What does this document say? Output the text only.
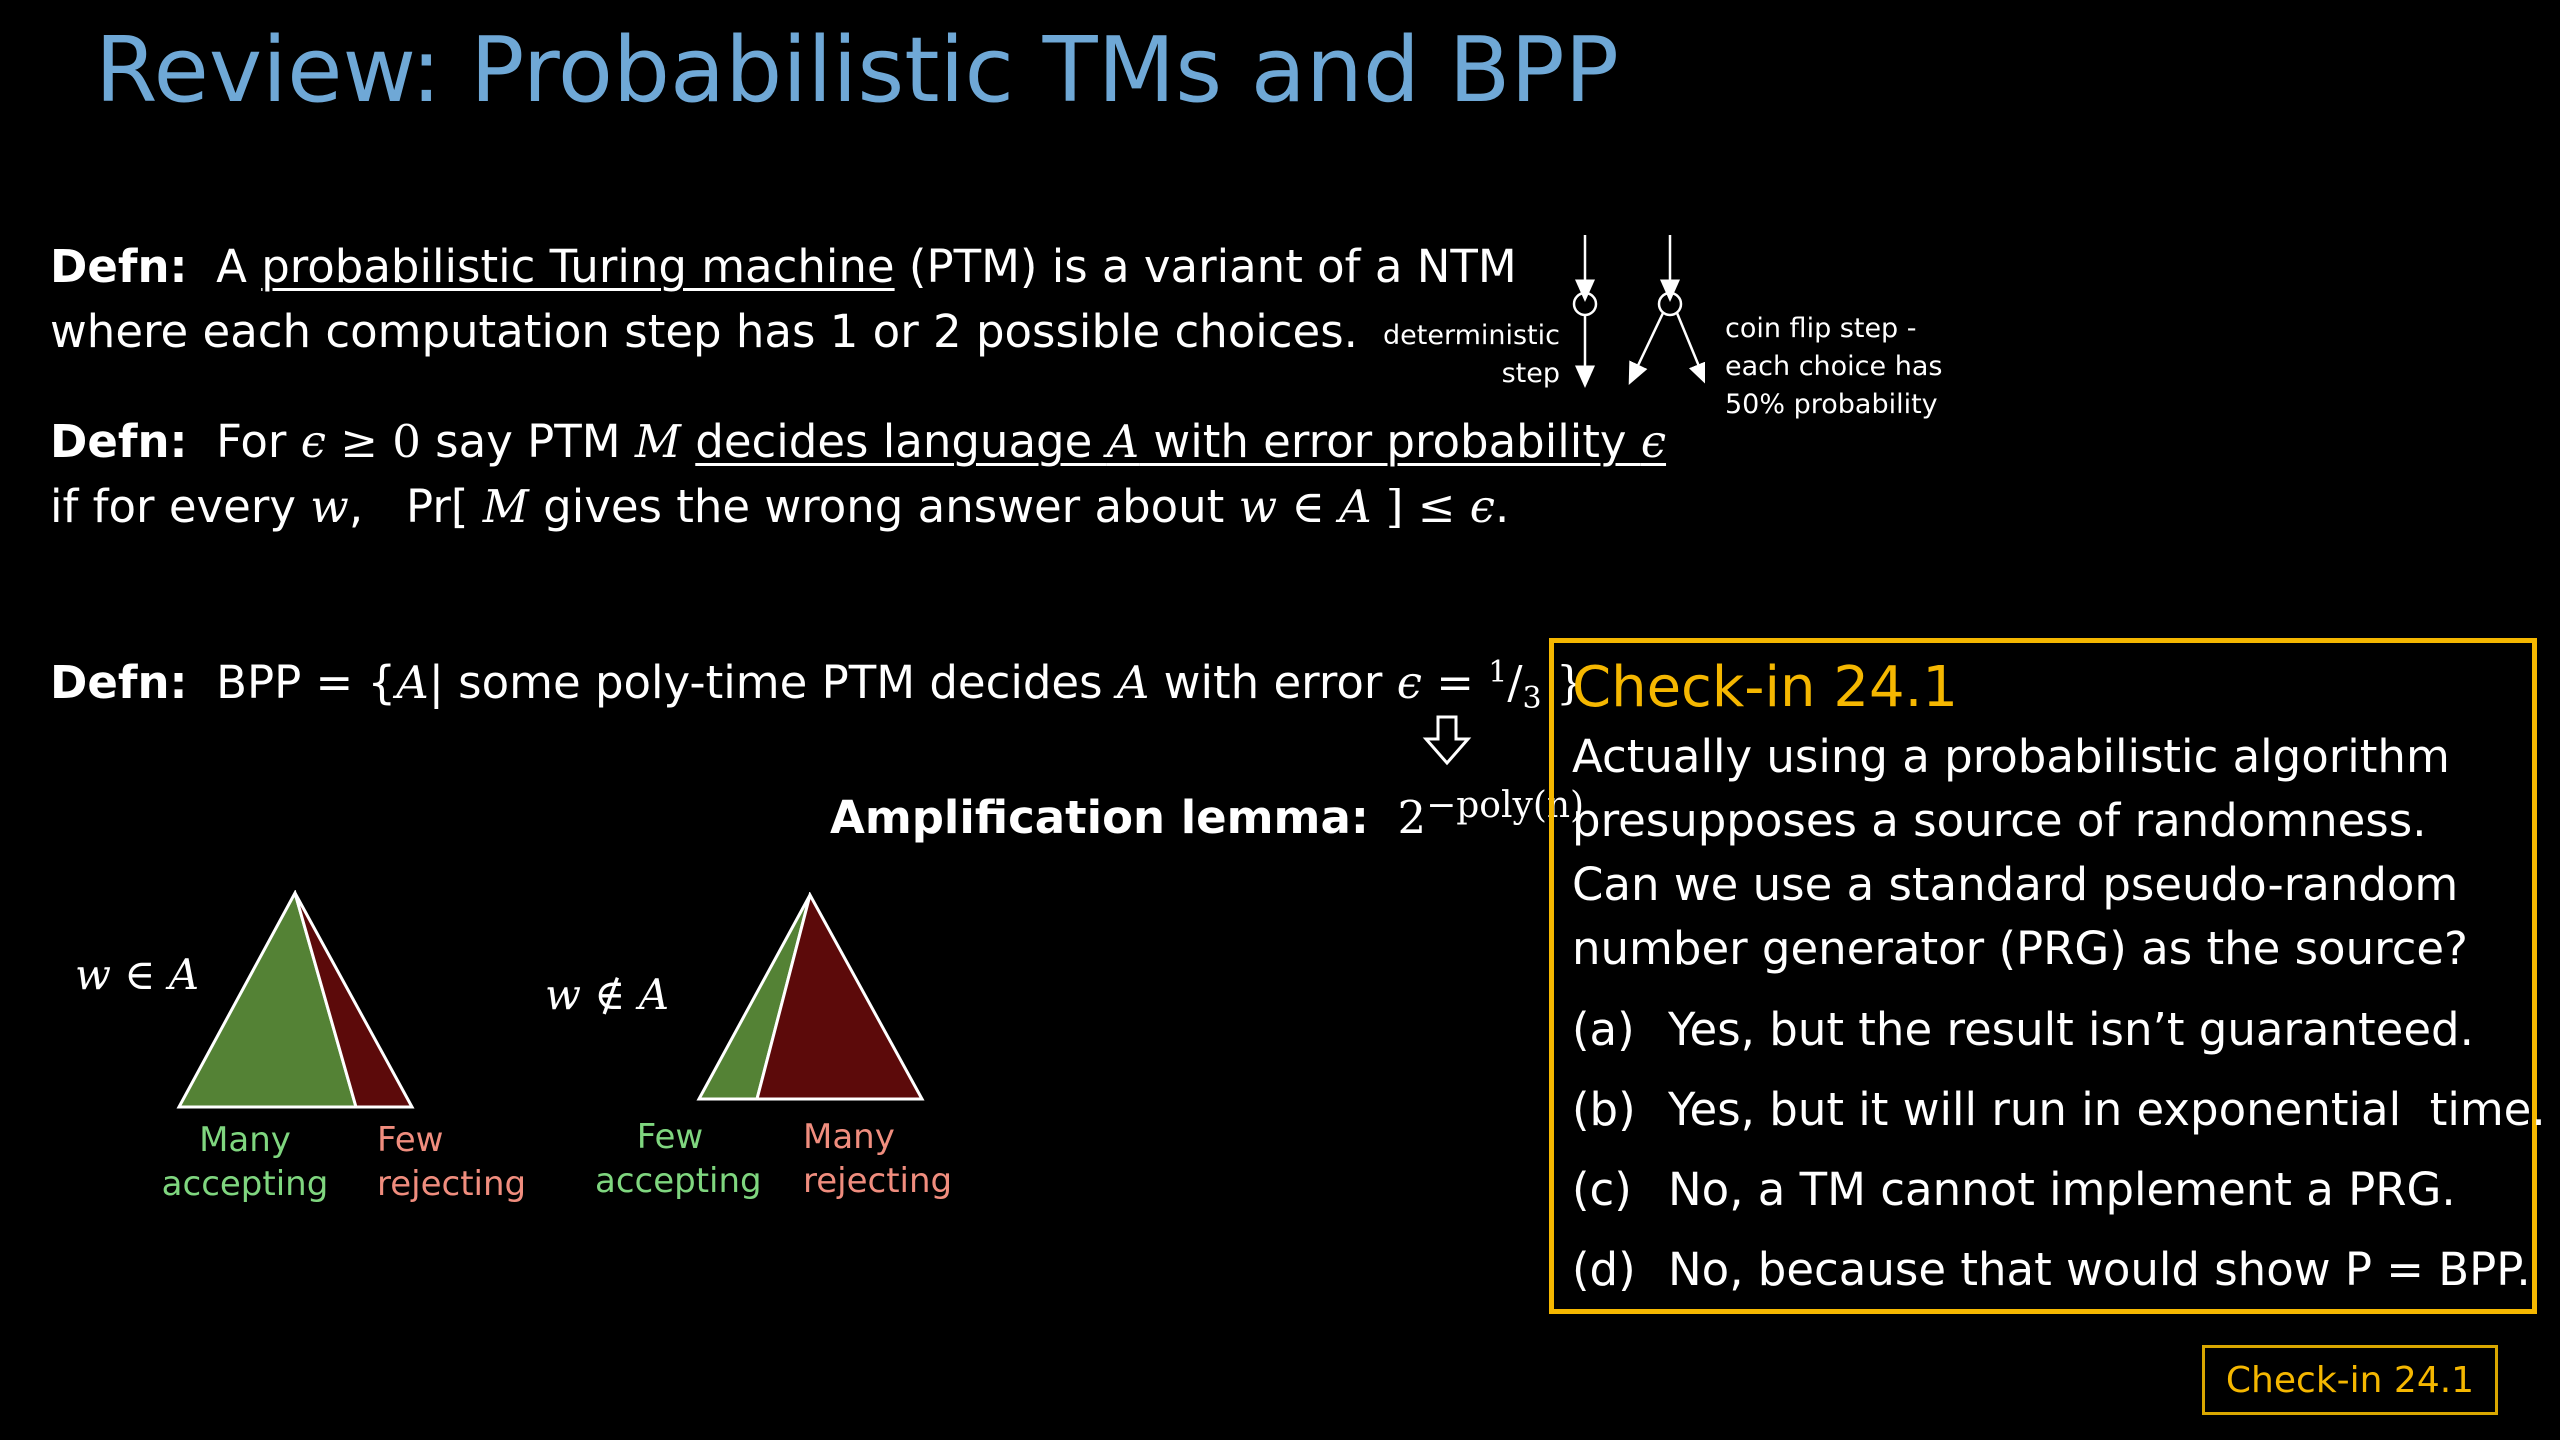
Review: Probabilistic TMs and BPP
Defn: A probabilistic Turing machine (PTM) is a variant of a NTM
where each computation step has 1 or 2 possible choices. deterministic
step
coin flip step -
each choice has
50% probability
Defn: For ϵ ≥ 0 say PTM M decides language A with error probability ϵ
if for every w,   Pr[ M gives the wrong answer about w ∈ A ] ≤ ϵ.
Defn: BPP = {A| some poly-time PTM decides A with error $\epsilon = ^1/_3$ }
Amplification lemma: $2^{-poly(n)}$
w ∈ A
Many
accepting
Few
rejecting
w ∉ A
Few
accepting
Many
rejecting
Check-in 24.1
Actually using a probabilistic algorithm
presupposes a source of randomness.
Can we use a standard pseudo-random
number generator (PRG) as the source?
(a) Yes, but the result isn’t guaranteed.
(b) Yes, but it will run in exponential  time.
(c) No, a TM cannot implement a PRG.
(d) No, because that would show P = BPP.
Check-in 24.1
